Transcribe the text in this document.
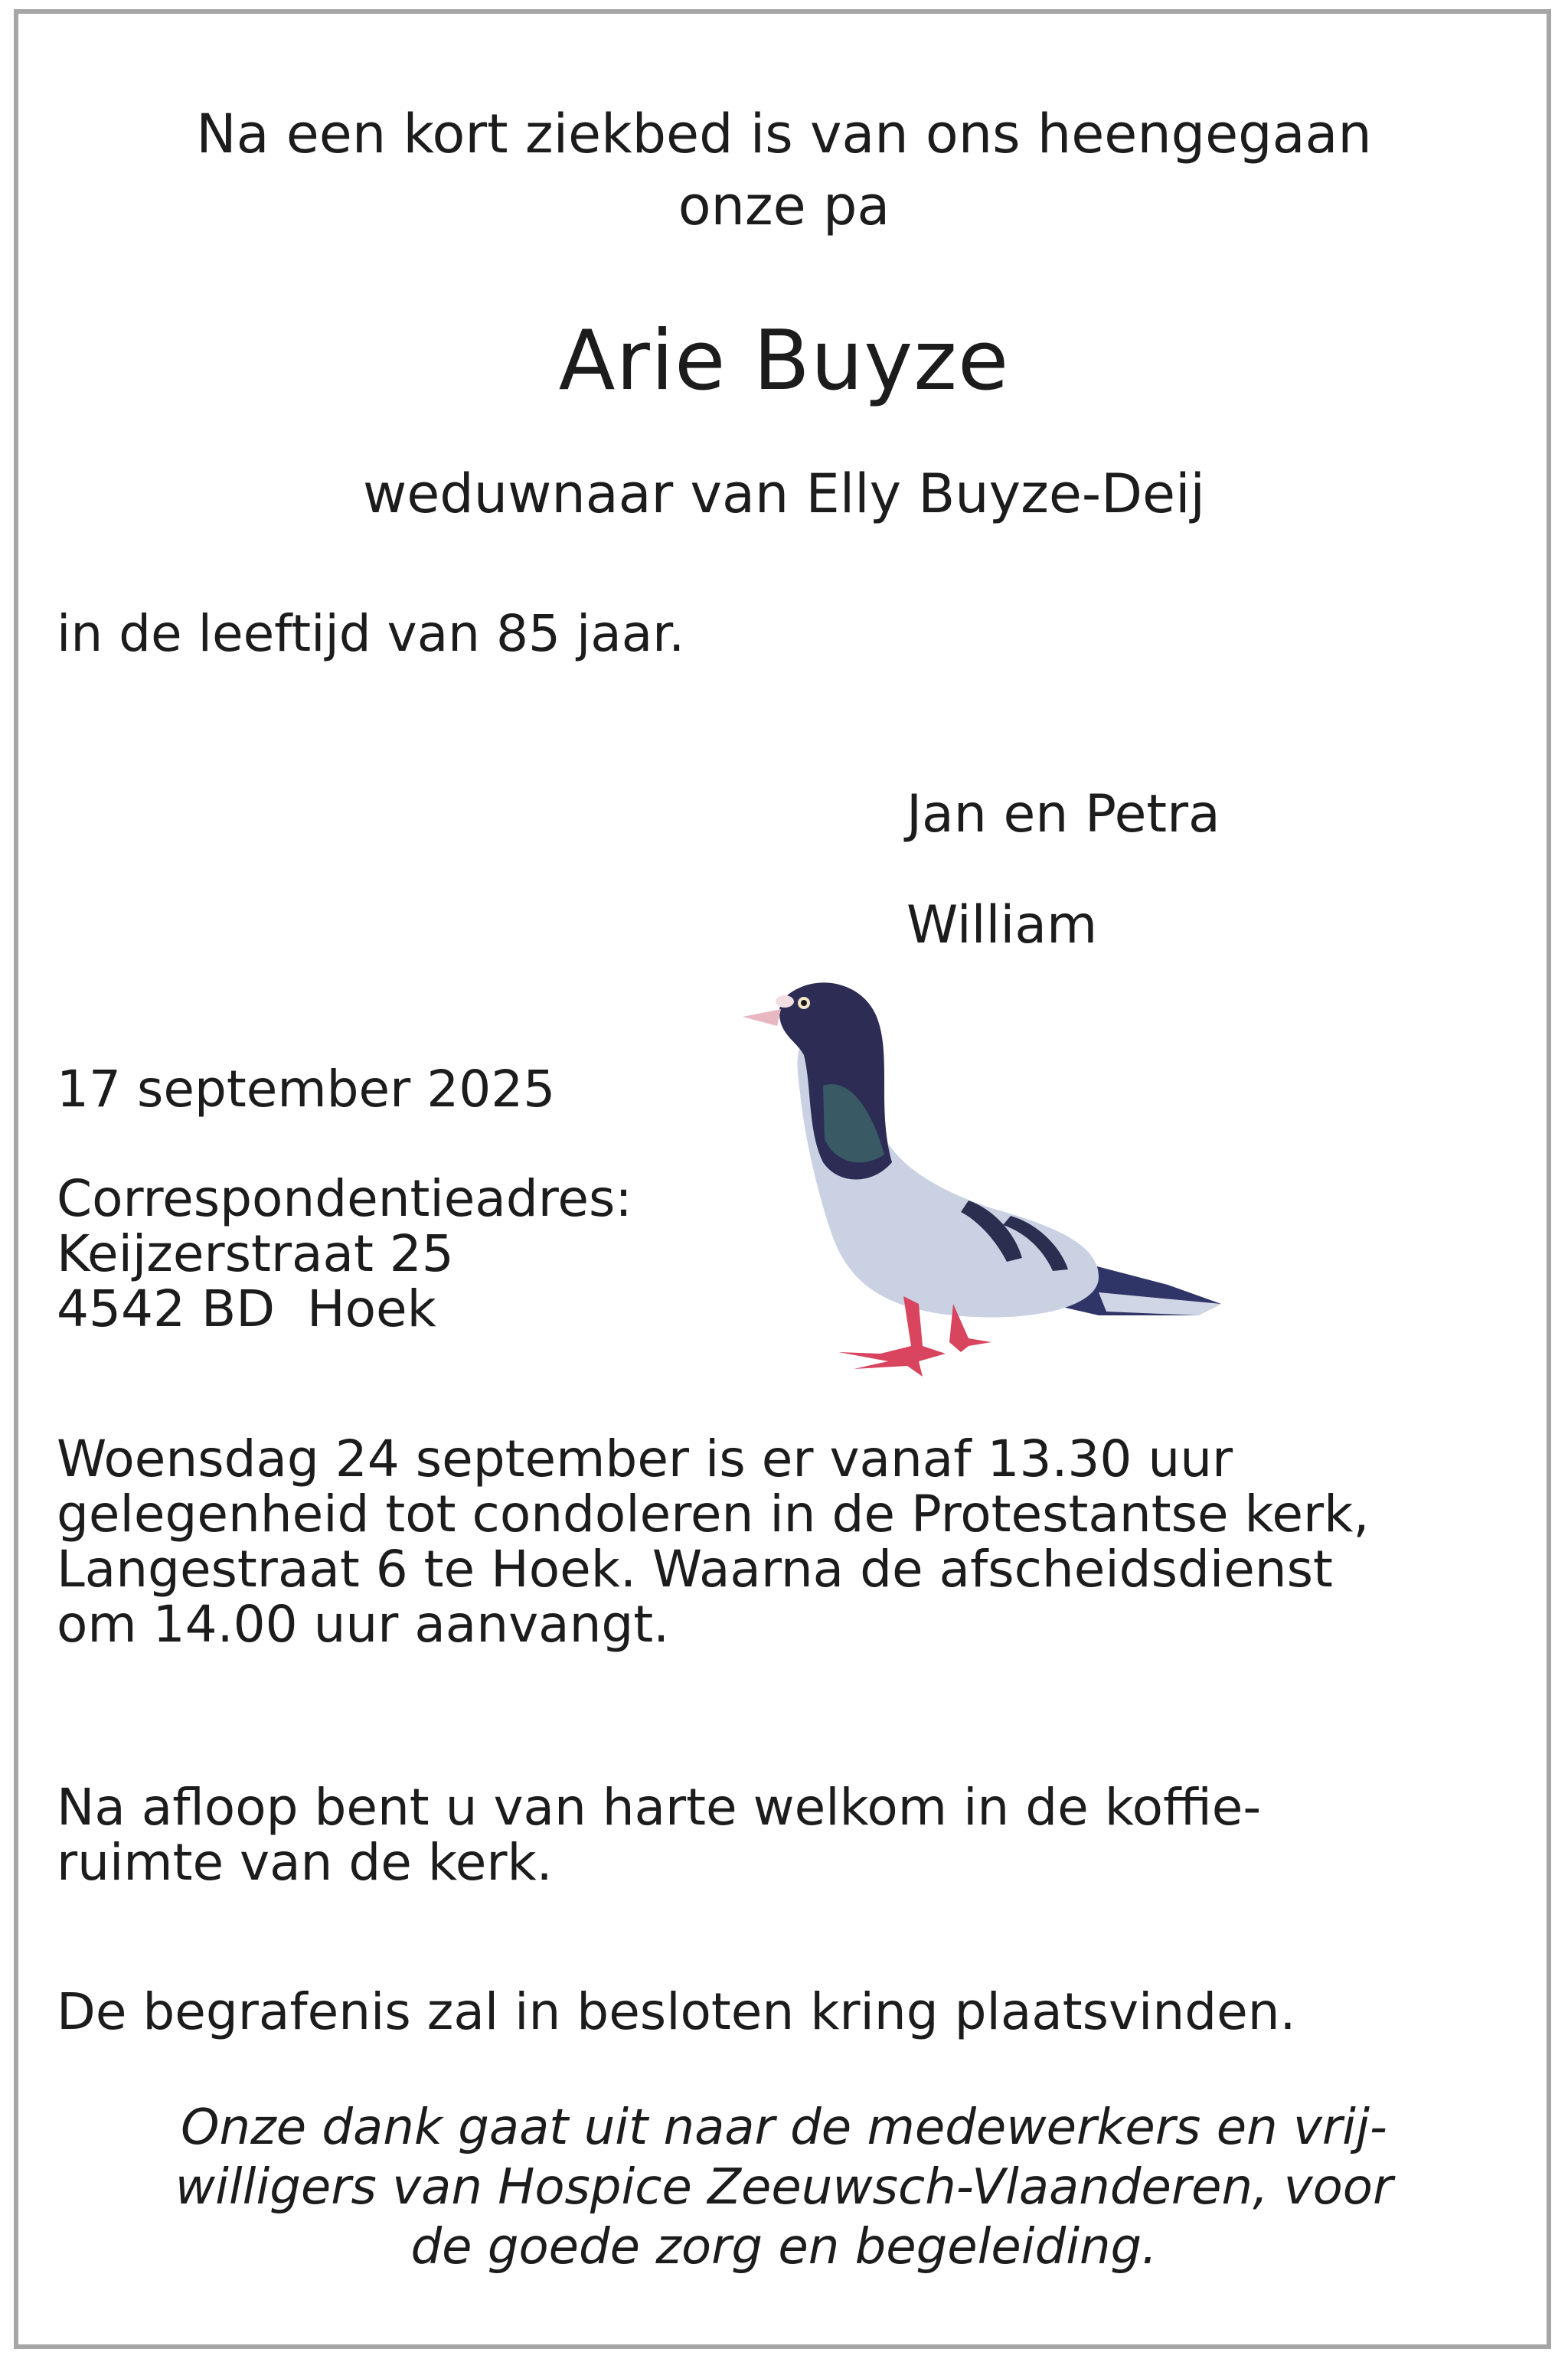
Na een kort ziekbed is van ons heengegaan

onze pa

Arie Buyze

weduwnaar van Elly Buyze-Deij

in de leeftijd van 85 jaar.

Jan en Petra

William

17 september 2025

Correspondentieadres:

Keijzerstraat 25

4542 BD  Hoek

Woensdag 24 september is er vanaf 13.30 uur

gelegenheid tot condoleren in de Protestantse kerk,

Langestraat 6 te Hoek. Waarna de afscheidsdienst

om 14.00 uur aanvangt.

Na afloop bent u van harte welkom in de koffie-

ruimte van de kerk.

De begrafenis zal in besloten kring plaatsvinden.

Onze dank gaat uit naar de medewerkers en vrij-

willigers van Hospice Zeeuwsch-Vlaanderen, voor

de goede zorg en begeleiding.
